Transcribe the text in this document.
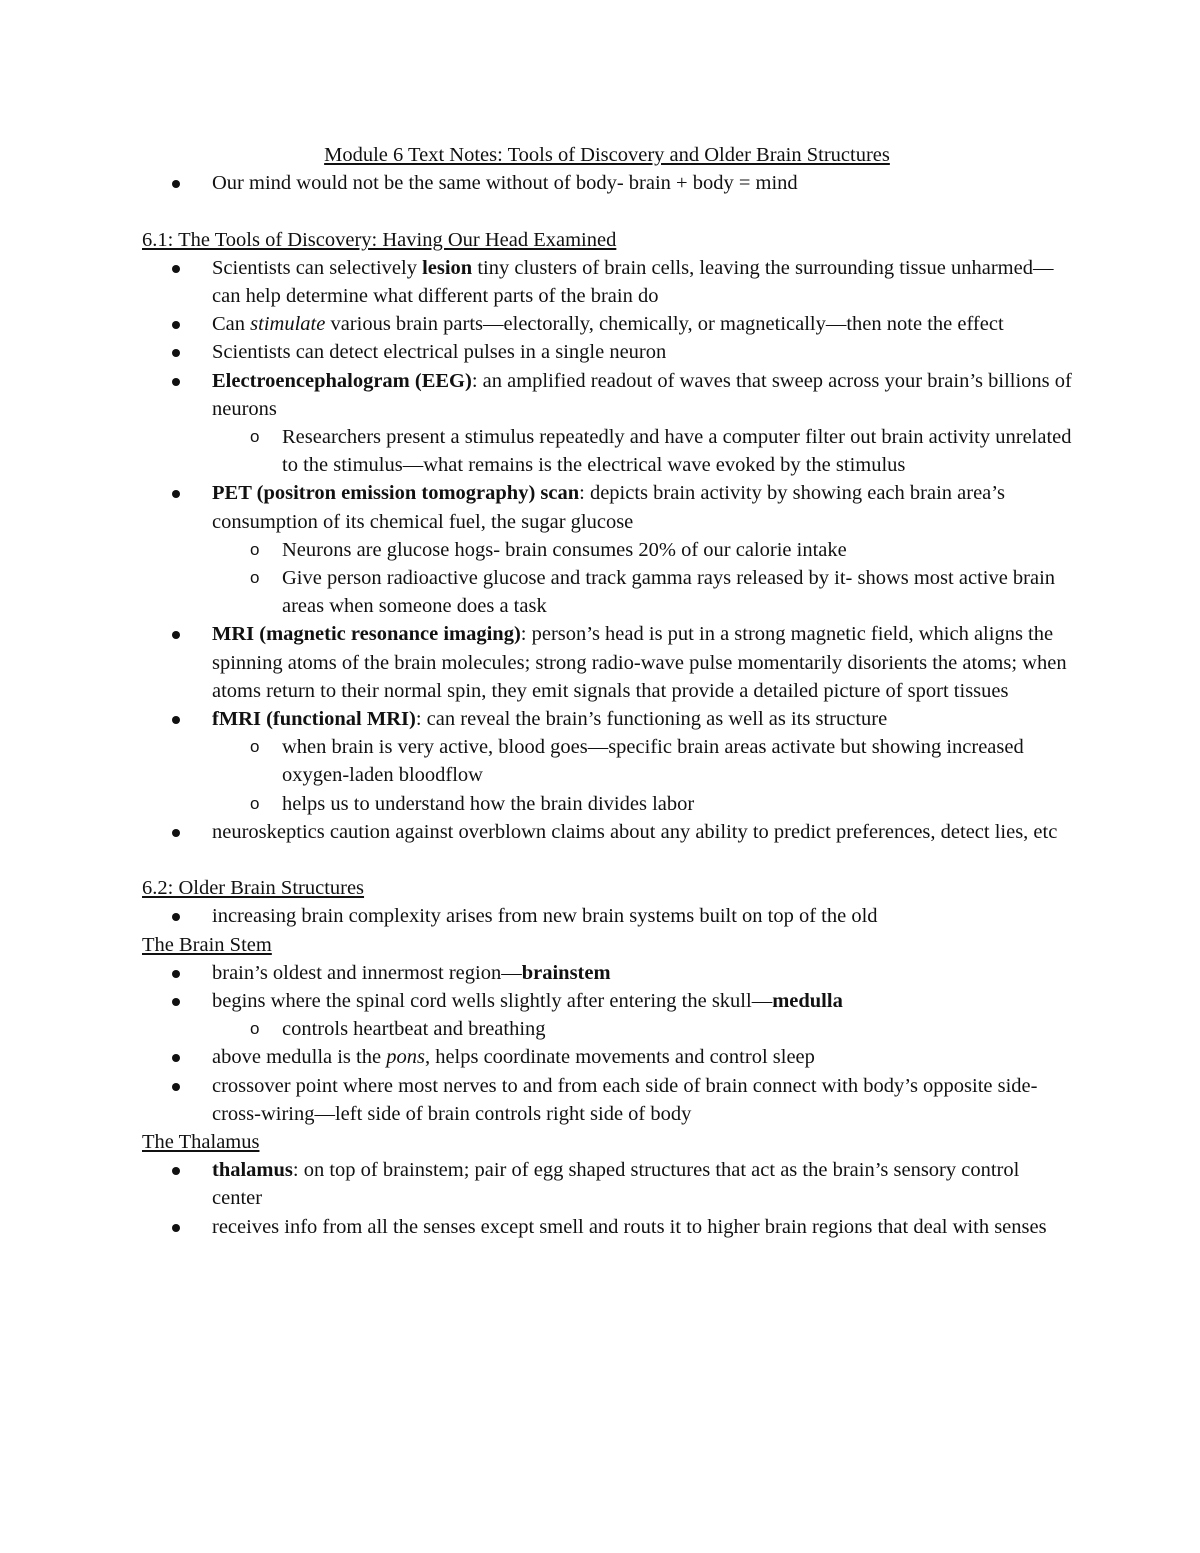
Module 6 Text Notes: Tools of Discovery and Older Brain Structures

Our mind would not be the same without of body- brain + body = mind

6.1: The Tools of Discovery: Having Our Head Examined

Scientists can selectively lesion tiny clusters of brain cells, leaving the surrounding tissue unharmed—can help determine what different parts of the brain do
Can stimulate various brain parts—electorally, chemically, or magnetically—then note the effect
Scientists can detect electrical pulses in a single neuron
Electroencephalogram (EEG): an amplified readout of waves that sweep across your brain’s billions of neurons
o Researchers present a stimulus repeatedly and have a computer filter out brain activity unrelated to the stimulus—what remains is the electrical wave evoked by the stimulus
PET (positron emission tomography) scan: depicts brain activity by showing each brain area’s consumption of its chemical fuel, the sugar glucose
o Neurons are glucose hogs- brain consumes 20% of our calorie intake
o Give person radioactive glucose and track gamma rays released by it- shows most active brain areas when someone does a task
MRI (magnetic resonance imaging): person’s head is put in a strong magnetic field, which aligns the spinning atoms of the brain molecules; strong radio-wave pulse momentarily disorients the atoms; when atoms return to their normal spin, they emit signals that provide a detailed picture of sport tissues
fMRI (functional MRI): can reveal the brain’s functioning as well as its structure
o when brain is very active, blood goes—specific brain areas activate but showing increased oxygen-laden bloodflow
o helps us to understand how the brain divides labor
neuroskeptics caution against overblown claims about any ability to predict preferences, detect lies, etc

6.2: Older Brain Structures

increasing brain complexity arises from new brain systems built on top of the old

The Brain Stem

brain’s oldest and innermost region—brainstem
begins where the spinal cord wells slightly after entering the skull—medulla
o controls heartbeat and breathing
above medulla is the pons, helps coordinate movements and control sleep
crossover point where most nerves to and from each side of brain connect with body’s opposite side- cross-wiring—left side of brain controls right side of body

The Thalamus

thalamus: on top of brainstem; pair of egg shaped structures that act as the brain’s sensory control center
receives info from all the senses except smell and routs it to higher brain regions that deal with senses
